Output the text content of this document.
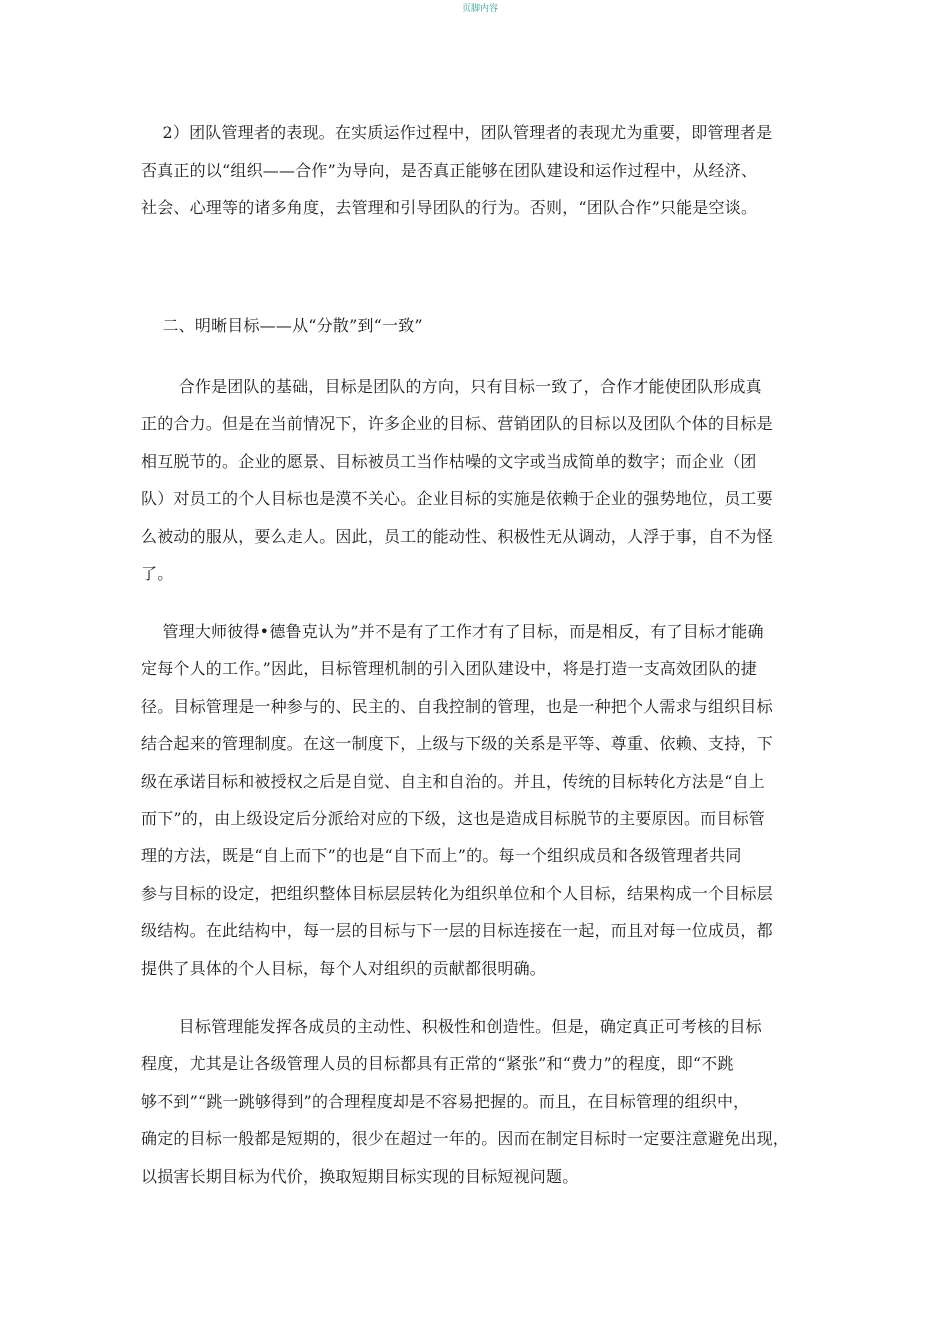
页脚内容
　 2）团队管理者的表现。在实质运作过程中，团队管理者的表现尤为重要，即管理者是
否真正的以“组织——合作”为导向，是否真正能够在团队建设和运作过程中，从经济、
社会、心理等的诸多角度，去管理和引导团队的行为。否则，“团队合作”只能是空谈。
　 二、明晰目标——从“分散”到“一致”
　　 合作是团队的基础，目标是团队的方向，只有目标一致了，合作才能使团队形成真
正的合力。但是在当前情况下，许多企业的目标、营销团队的目标以及团队个体的目标是
相互脱节的。企业的愿景、目标被员工当作枯噪的文字或当成简单的数字；而企业（团
队）对员工的个人目标也是漠不关心。企业目标的实施是依赖于企业的强势地位，员工要
么被动的服从，要么走人。因此，员工的能动性、积极性无从调动，人浮于事，自不为怪
了。
　 管理大师彼得•德鲁克认为”并不是有了工作才有了目标，而是相反，有了目标才能确
定每个人的工作。”因此，目标管理机制的引入团队建设中，将是打造一支高效团队的捷
径。目标管理是一种参与的、民主的、自我控制的管理，也是一种把个人需求与组织目标
结合起来的管理制度。在这一制度下，上级与下级的关系是平等、尊重、依赖、支持，下
级在承诺目标和被授权之后是自觉、自主和自治的。并且，传统的目标转化方法是“自上
而下”的，由上级设定后分派给对应的下级，这也是造成目标脱节的主要原因。而目标管
理的方法，既是“自上而下”的也是“自下而上”的。每一个组织成员和各级管理者共同
参与目标的设定，把组织整体目标层层转化为组织单位和个人目标，结果构成一个目标层
级结构。在此结构中，每一层的目标与下一层的目标连接在一起，而且对每一位成员，都
提供了具体的个人目标，每个人对组织的贡献都很明确。
　　 目标管理能发挥各成员的主动性、积极性和创造性。但是，确定真正可考核的目标
程度，尤其是让各级管理人员的目标都具有正常的“紧张”和“费力”的程度，即“不跳
够不到”“跳一跳够得到”的合理程度却是不容易把握的。而且，在目标管理的组织中，
确定的目标一般都是短期的，很少在超过一年的。因而在制定目标时一定要注意避免出现，
以损害长期目标为代价，换取短期目标实现的目标短视问题。
